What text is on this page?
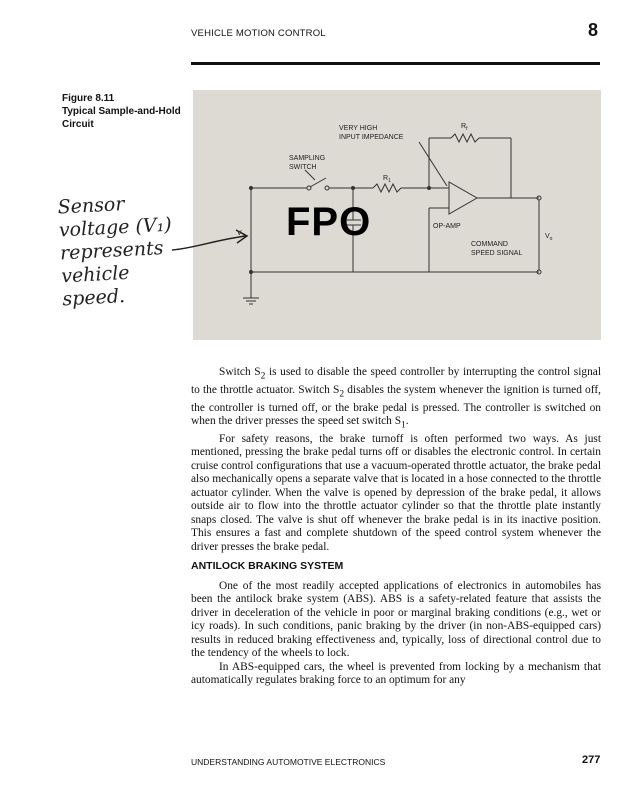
VEHICLE MOTION CONTROL	8
Figure 8.11
Typical Sample-and-Hold Circuit	VERY HIGH
INPUT IMPEDANCE
$R_f$
SAMPLING
SWITCH
$R_1$
$V_1$
OP-AMP
$V_o$
COMMAND
SPEED SIGNAL
FPO
Sensor
voltage (V₁)
represents
vehicle
speed.

Switch $S_2$ is used to disable the speed controller by interrupting the control signal to the throttle actuator. Switch $S_2$ disables the system whenever the ignition is turned off, the controller is turned off, or the brake pedal is pressed. The controller is switched on when the driver presses the speed set switch $S_1$.

For safety reasons, the brake turnoff is often performed two ways. As just mentioned, pressing the brake pedal turns off or disables the electronic control. In certain cruise control configurations that use a vacuum-operated throttle actuator, the brake pedal also mechanically opens a separate valve that is located in a hose connected to the throttle actuator cylinder. When the valve is opened by depression of the brake pedal, it allows outside air to flow into the throttle actuator cylinder so that the throttle plate instantly snaps closed. The valve is shut off whenever the brake pedal is in its inactive position. This ensures a fast and complete shutdown of the speed control system whenever the driver presses the brake pedal.

ANTILOCK BRAKING SYSTEM

One of the most readily accepted applications of electronics in automobiles has been the antilock brake system (ABS). ABS is a safety-related feature that assists the driver in deceleration of the vehicle in poor or marginal braking conditions (e.g., wet or icy roads). In such conditions, panic braking by the driver (in non-ABS-equipped cars) results in reduced braking effectiveness and, typically, loss of directional control due to the tendency of the wheels to lock.

In ABS-equipped cars, the wheel is prevented from locking by a mechanism that automatically regulates braking force to an optimum for any

UNDERSTANDING AUTOMOTIVE ELECTRONICS	277
